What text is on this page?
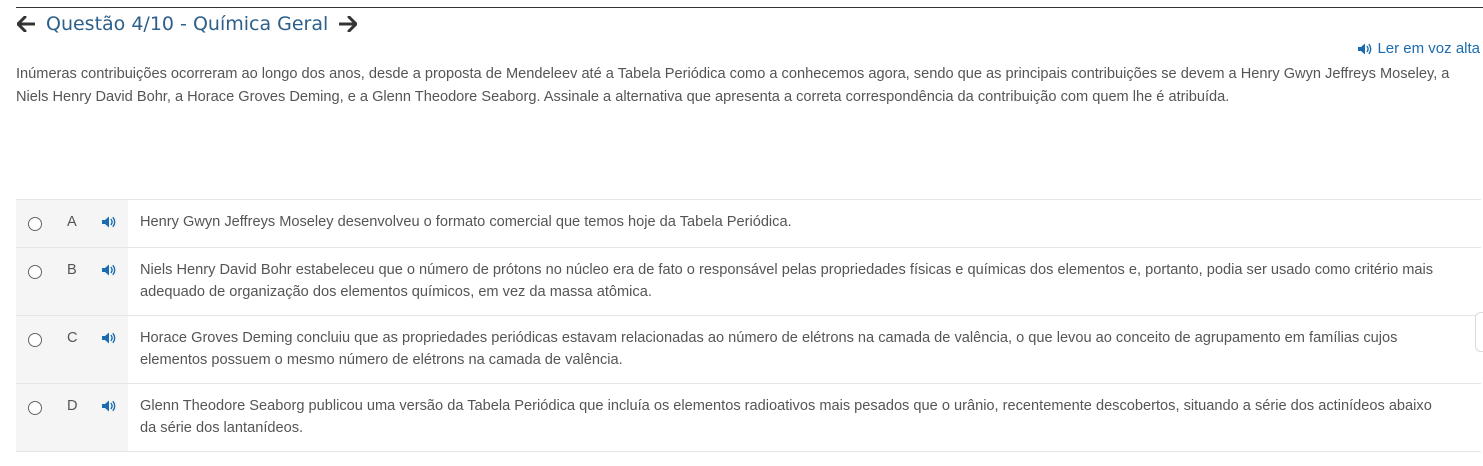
Questão 4/10 - Química Geral
Ler em voz alta
Inúmeras contribuições ocorreram ao longo dos anos, desde a proposta de Mendeleev até a Tabela Periódica como a conhecemos agora, sendo que as principais contribuições se devem a Henry Gwyn Jeffreys Moseley, a Niels Henry David Bohr, a Horace Groves Deming, e a Glenn Theodore Seaborg. Assinale a alternativa que apresenta a correta correspondência da contribuição com quem lhe é atribuída.
A	Henry Gwyn Jeffreys Moseley desenvolveu o formato comercial que temos hoje da Tabela Periódica.
B	Niels Henry David Bohr estabeleceu que o número de prótons no núcleo era de fato o responsável pelas propriedades físicas e químicas dos elementos e, portanto, podia ser usado como critério mais adequado de organização dos elementos químicos, em vez da massa atômica.
C	Horace Groves Deming concluiu que as propriedades periódicas estavam relacionadas ao número de elétrons na camada de valência, o que levou ao conceito de agrupamento em famílias cujos elementos possuem o mesmo número de elétrons na camada de valência.
D	Glenn Theodore Seaborg publicou uma versão da Tabela Periódica que incluía os elementos radioativos mais pesados que o urânio, recentemente descobertos, situando a série dos actinídeos abaixo da série dos lantanídeos.
